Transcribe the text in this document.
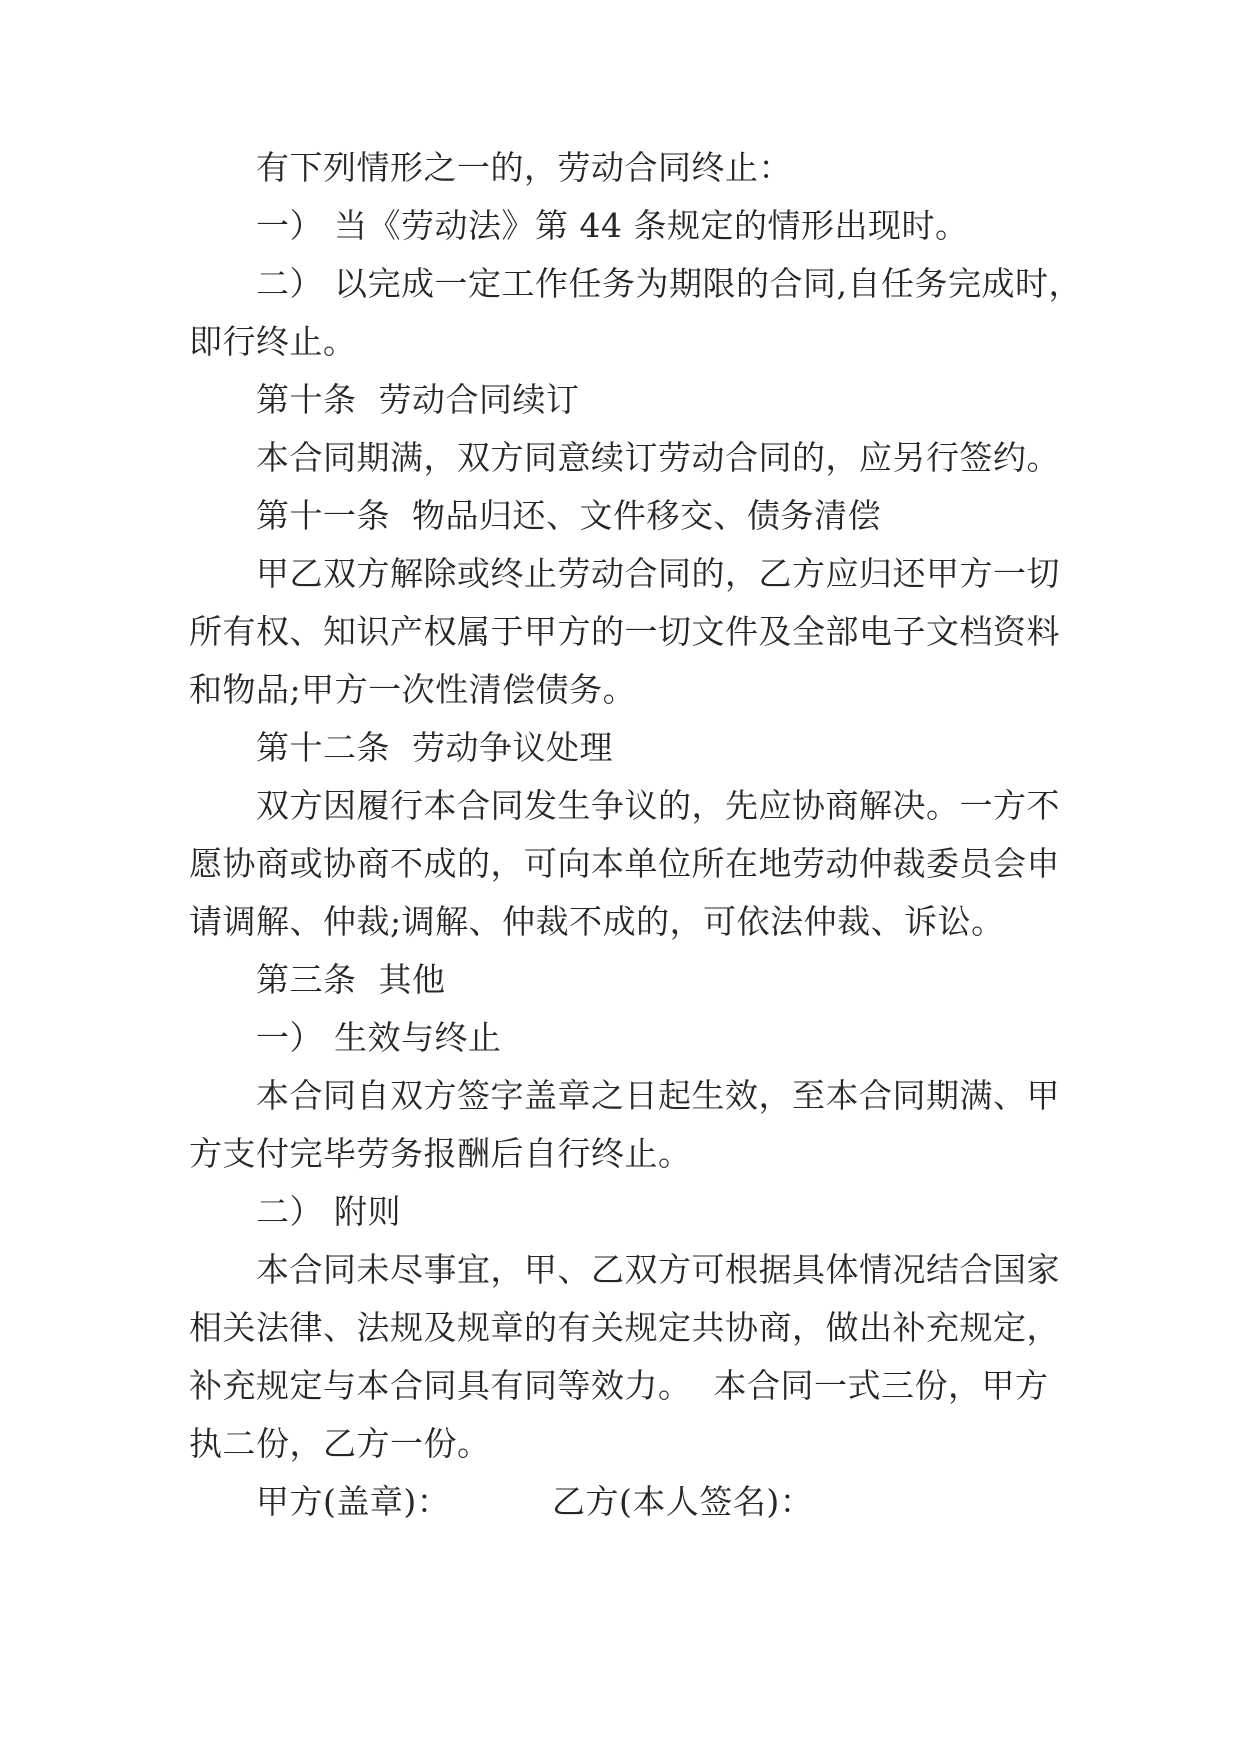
有下列情形之一的，劳动合同终止：

一） 当《劳动法》第 44 条规定的情形出现时。

二） 以完成一定工作任务为期限的合同,自任务完成时，

即行终止。

第十条  劳动合同续订

本合同期满，双方同意续订劳动合同的，应另行签约。

第十一条  物品归还、文件移交、债务清偿

甲乙双方解除或终止劳动合同的，乙方应归还甲方一切

所有权、知识产权属于甲方的一切文件及全部电子文档资料

和物品;甲方一次性清偿债务。

第十二条  劳动争议处理

双方因履行本合同发生争议的，先应协商解决。一方不

愿协商或协商不成的，可向本单位所在地劳动仲裁委员会申

请调解、仲裁;调解、仲裁不成的，可依法仲裁、诉讼。

第三条  其他

一） 生效与终止

本合同自双方签字盖章之日起生效，至本合同期满、甲

方支付完毕劳务报酬后自行终止。

二） 附则

本合同未尽事宜，甲、乙双方可根据具体情况结合国家

相关法律、法规及规章的有关规定共协商，做出补充规定，

补充规定与本合同具有同等效力。  本合同一式三份，甲方

执二份，乙方一份。

甲方(盖章)：	乙方(本人签名)：
